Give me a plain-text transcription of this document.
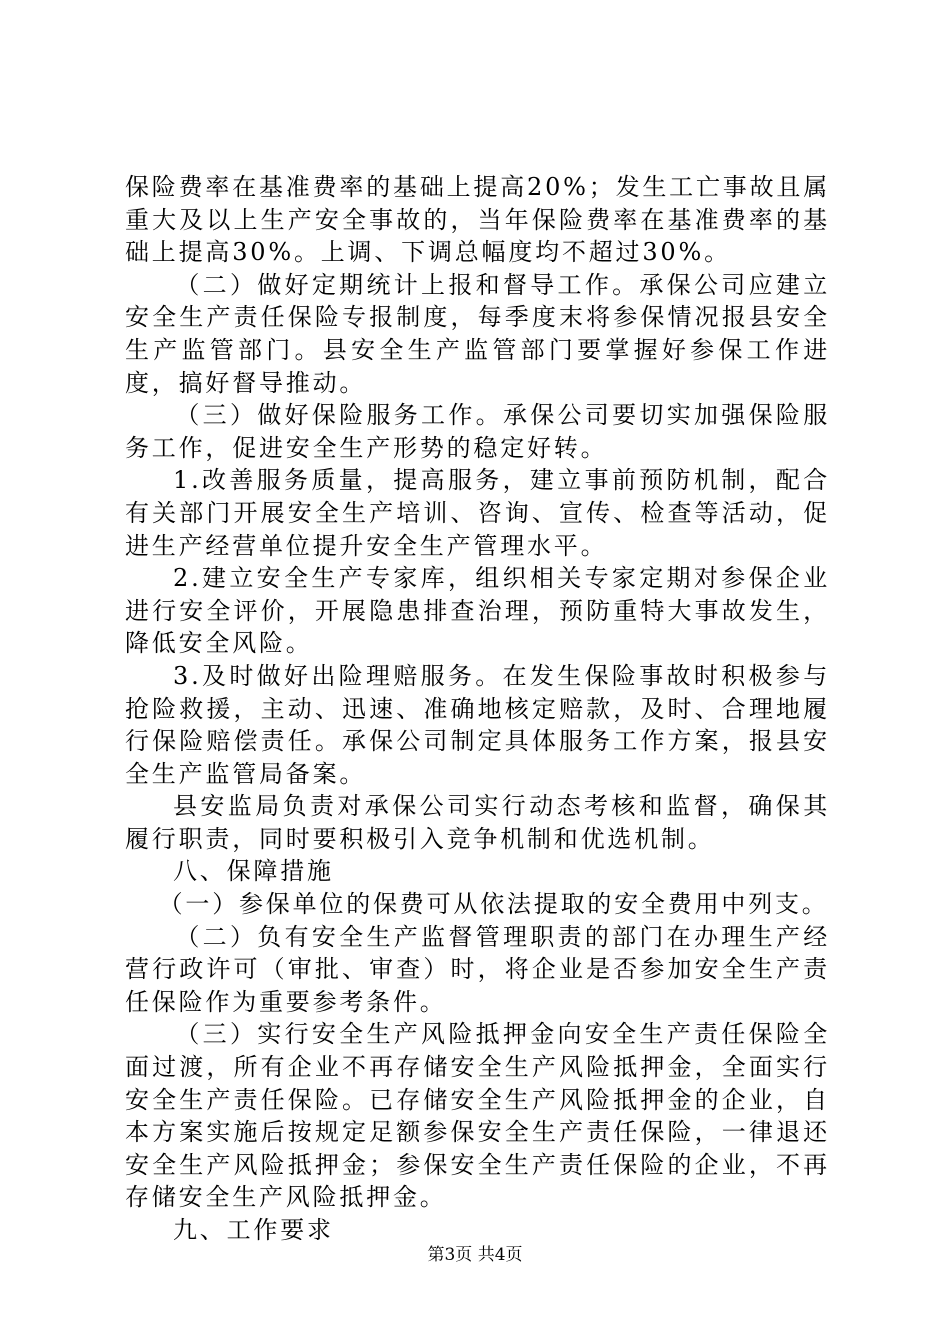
保险费率在基准费率的基础上提高20%；发生工亡事故且属重大及以上生产安全事故的，当年保险费率在基准费率的基础上提高30%。上调、下调总幅度均不超过30%。

（二）做好定期统计上报和督导工作。承保公司应建立安全生产责任保险专报制度，每季度末将参保情况报县安全生产监管部门。县安全生产监管部门要掌握好参保工作进度，搞好督导推动。

（三）做好保险服务工作。承保公司要切实加强保险服务工作，促进安全生产形势的稳定好转。

1.改善服务质量，提高服务，建立事前预防机制，配合有关部门开展安全生产培训、咨询、宣传、检查等活动，促进生产经营单位提升安全生产管理水平。

2.建立安全生产专家库，组织相关专家定期对参保企业进行安全评价，开展隐患排查治理，预防重特大事故发生，降低安全风险。

3.及时做好出险理赔服务。在发生保险事故时积极参与抢险救援，主动、迅速、准确地核定赔款，及时、合理地履行保险赔偿责任。承保公司制定具体服务工作方案，报县安全生产监管局备案。

县安监局负责对承保公司实行动态考核和监督，确保其履行职责，同时要积极引入竞争机制和优选机制。

八、保障措施

（一）参保单位的保费可从依法提取的安全费用中列支。

（二）负有安全生产监督管理职责的部门在办理生产经营行政许可（审批、审查）时，将企业是否参加安全生产责任保险作为重要参考条件。

（三）实行安全生产风险抵押金向安全生产责任保险全面过渡，所有企业不再存储安全生产风险抵押金，全面实行安全生产责任保险。已存储安全生产风险抵押金的企业，自本方案实施后按规定足额参保安全生产责任保险，一律退还安全生产风险抵押金；参保安全生产责任保险的企业，不再存储安全生产风险抵押金。

九、工作要求

第3页 共4页
